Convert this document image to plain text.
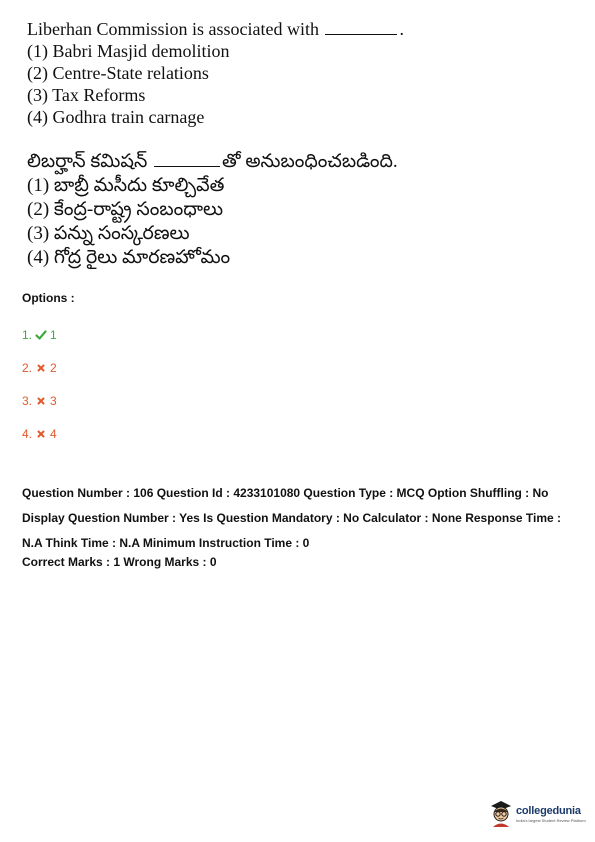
Liberhan Commission is associated with	.
(1) Babri Masjid demolition
(2) Centre-State relations
(3) Tax Reforms
(4) Godhra train carnage
లిబర్హాన్ కమిషన్	తో అనుబంధించబడింది.
(1) బాబ్రీ మసీదు కూల్చివేత
(2) కేంద్ర-రాష్ట్ర సంబంధాలు
(3) పన్ను సంస్కరణలు
(4) గోద్ర రైలు మారణహోమం
Options :
1. 1
2. 2
3. 3
4. 4
Question Number : 106 Question Id : 4233101080 Question Type : MCQ Option Shuffling : No Display Question Number : Yes Is Question Mandatory : No Calculator : None Response Time : N.A Think Time : N.A Minimum Instruction Time : 0
Correct Marks : 1 Wrong Marks : 0
collegedunia
India's largest Student Review Platform
